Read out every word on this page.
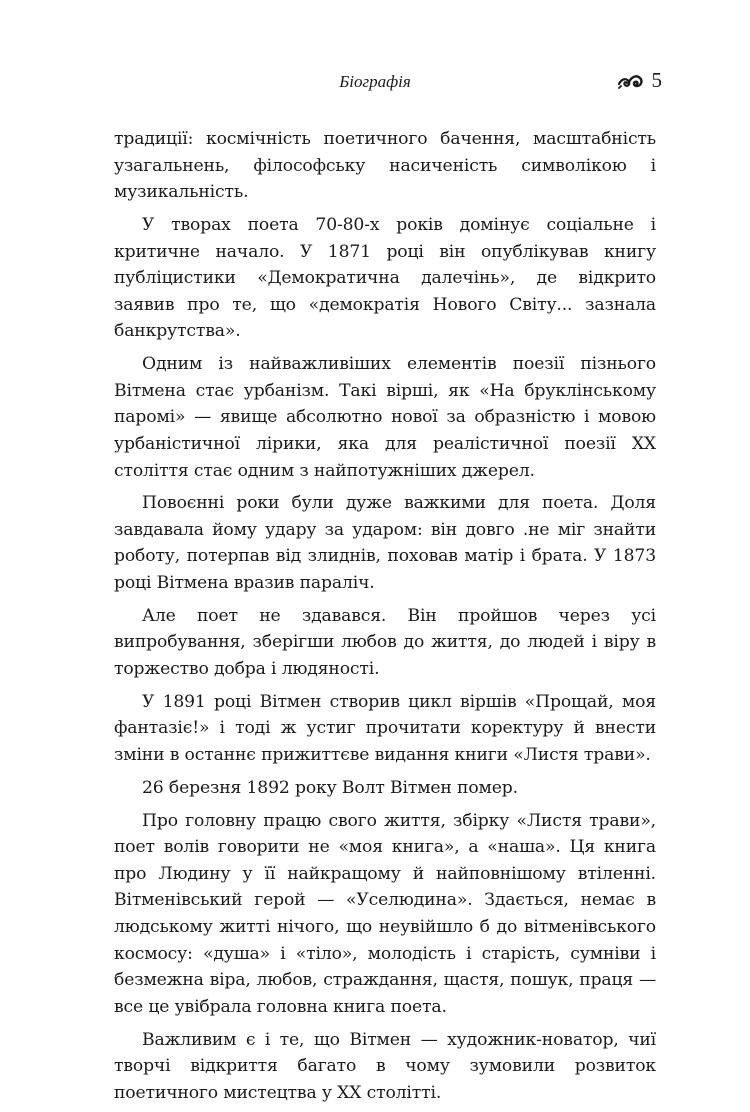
Біографія	5

традиції: космічність поетичного бачення, масштабність узагальнень, філософську насиченість символікою і музикальність.

У творах поета 70-80-х років домінує соціальне і критичне начало. У 1871 році він опублікував книгу публіцистики «Демократична далечінь», де відкрито заявив про те, що «демократія Нового Світу... зазнала банкрутства».

Одним із найважливіших елементів поезії пізнього Вітмена стає урбанізм. Такі вірші, як «На бруклінському паромі» — явище абсолютно нової за образністю і мовою урбаністичної лірики, яка для реалістичної поезії ХХ століття стає одним з найпотужніших джерел.

Повоєнні роки були дуже важкими для поета. Доля завдавала йому удару за ударом: він довго .не міг знайти роботу, потерпав від злиднів, поховав матір і брата. У 1873 році Вітмена вразив параліч.

Але поет не здавався. Він пройшов через усі випробування, зберігши любов до життя, до людей і віру в торжество добра і людяності.

У 1891 році Вітмен створив цикл віршів «Прощай, моя фантазіє!» і тоді ж устиг прочитати коректуру й внести зміни в останнє прижиттєве видання книги «Листя трави».

26 березня 1892 року Волт Вітмен помер.

Про головну працю свого життя, збірку «Листя трави», поет волів говорити не «моя книга», а «наша». Ця книга про Людину у її найкращому й найповнішому втіленні. Вітменівський герой — «Уселюдина». Здається, немає в людському житті нічого, що неувійшло б до вітменівського космосу: «душа» і «тіло», молодість і старість, сумніви і безмежна віра, любов, страждання, щастя, пошук, праця — все це увібрала головна книга поета.

Важливим є і те, що Вітмен — художник-новатор, чиї творчі відкриття багато в чому зумовили розвиток поетичного мистецтва у ХХ столітті.
